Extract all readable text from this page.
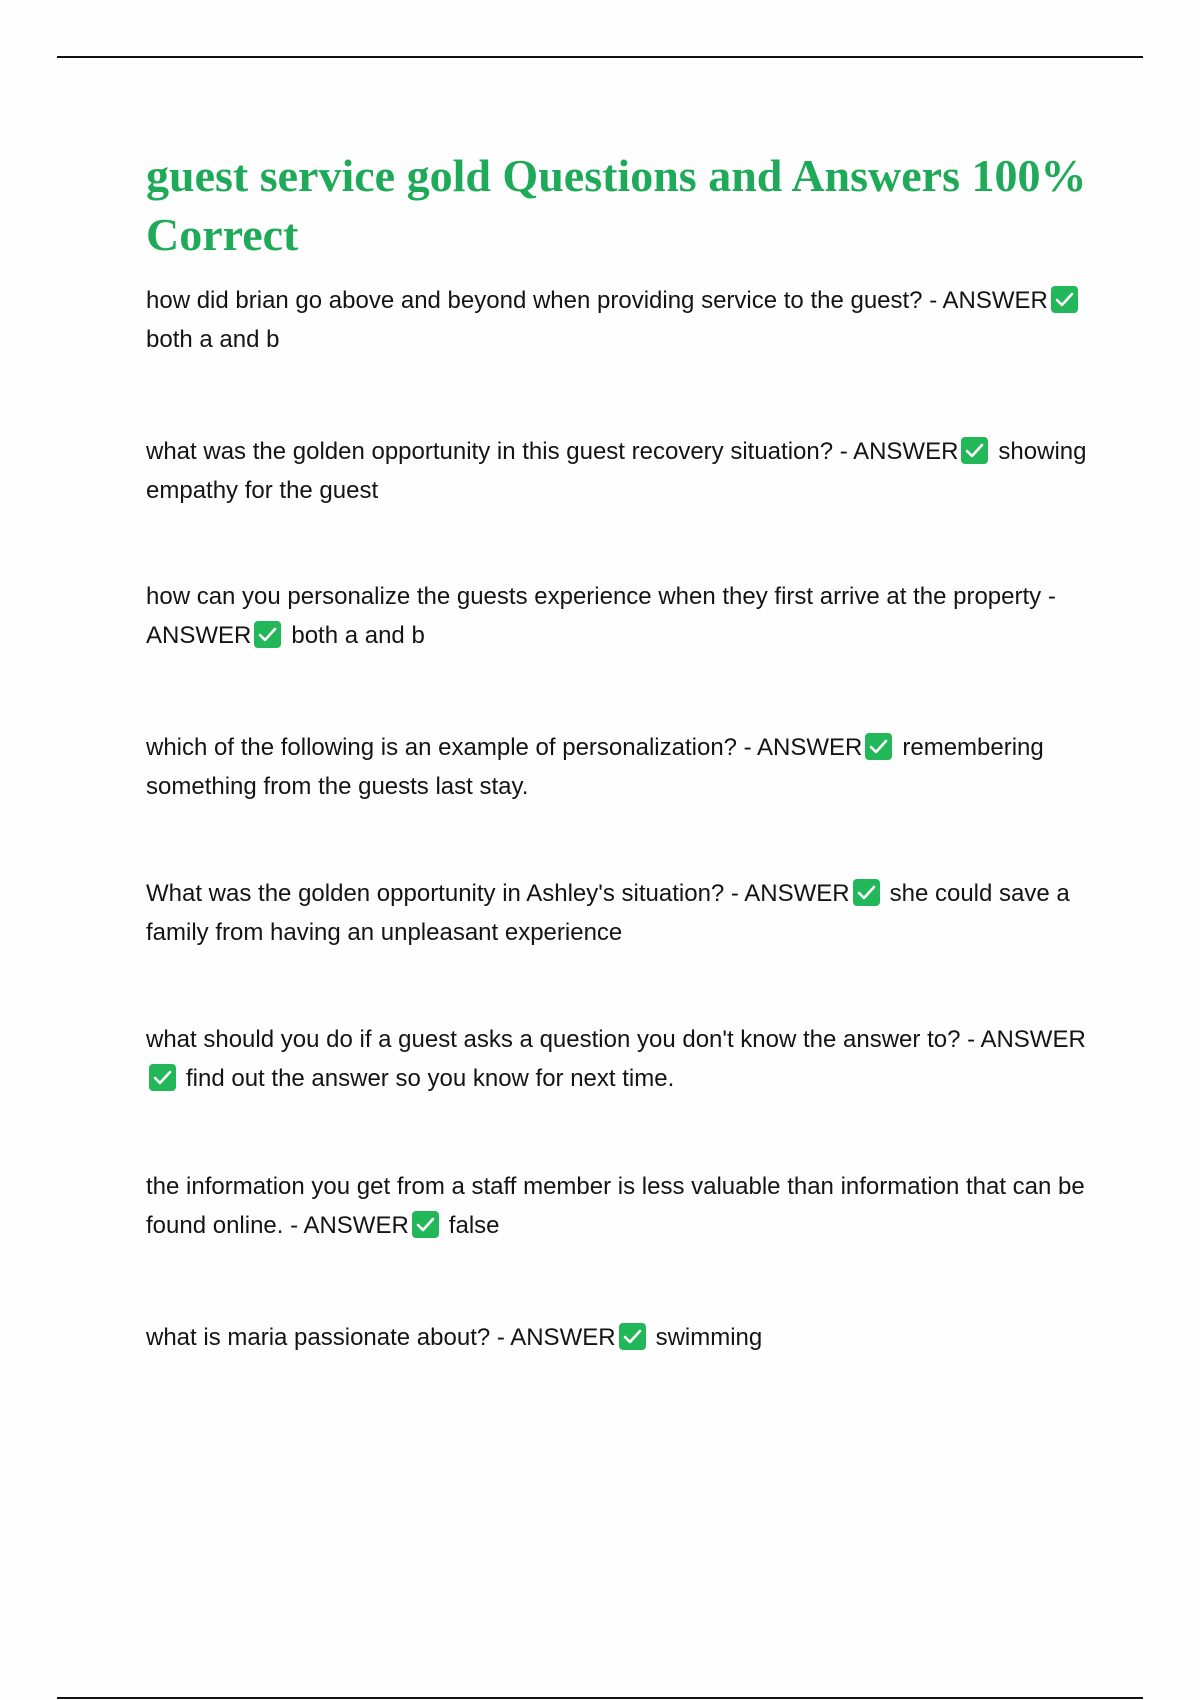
guest service gold Questions and Answers 100% Correct

how did brian go above and beyond when providing service to the guest? - ANSWER
both a and b

what was the golden opportunity in this guest recovery situation? - ANSWER showing empathy for the guest

how can you personalize the guests experience when they first arrive at the property - ANSWER both a and b

which of the following is an example of personalization? - ANSWER remembering something from the guests last stay.

What was the golden opportunity in Ashley's situation? - ANSWER she could save a family from having an unpleasant experience

what should you do if a guest asks a question you don't know the answer to? - ANSWER
find out the answer so you know for next time.

the information you get from a staff member is less valuable than information that can be found online. - ANSWER false

what is maria passionate about? - ANSWER swimming
